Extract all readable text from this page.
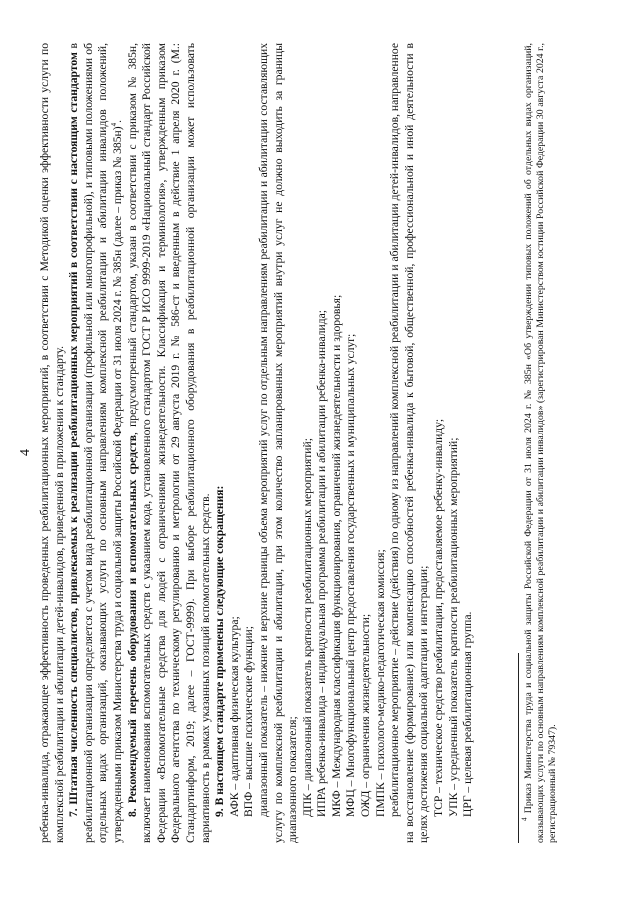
4 ребенка-инвалида, отражающее эффективность проведенных реабилитационных мероприятий, в соответствии с Методикой оценки эффективности услуги по комплексной реабилитации и абилитации детей-инвалидов, приведенной в приложении к стандарту. 7. Штатная численность специалистов, привлекаемых к реализации реабилитационных мероприятий в соответствии с настоящим стандартом в реабилитационной организации определяется с учетом вида реабилитационной организации (профильной или многопрофильной), и типовыми положениями об отдельных видах организаций, оказывающих услуги по основным направлениям комплексной реабилитации и абилитации инвалидов положений, утвержденными приказом Министерства труда и социальной защиты Российской Федерации от 31 июля 2024 г. № 385н (далее – приказ № 385н)$^4$.

8. Рекомендуемый перечень оборудования и вспомогательных средств, предусмотренный стандартом, указан в соответствии с приказом № 385н, включает наименования вспомогательных средств с указанием кода, установленного стандартом ГОСТ Р ИСО 9999-2019 «Национальный стандарт Российской Федерации «Вспомогательные средства для людей с ограничениями жизнедеятельности. Классификация и терминология», утвержденным приказом Федерального агентства по техническому регулированию и метрологии от 29 августа 2019 г. № 586-ст и введенным в действие 1 апреля 2020 г. (М.: Стандартинформ, 2019; далее – ГОСТ-9999). При выборе реабилитационного оборудования в реабилитационной организации может использовать вариативность в рамках указанных позиций вспомогательных средств. 9. В настоящем стандарте применены следующие сокращения:

АФК – адаптивная физическая культура; ВПФ – высшие психические функции; диапазонный показатель – нижние и верхние границы объема мероприятий услуг по отдельным направлениям реабилитации и абилитации составляющих услугу по комплексной реабилитации и абилитации, при этом количество запланированных мероприятий внутри услуг не должно выходить за границы диапазонного показателя; ДПК – диапазонный показатель кратности реабилитационных мероприятий; ИПРА ребенка-инвалида – индивидуальная программа реабилитации и абилитации ребенка-инвалида; МКФ – Международная классификация функционирования, ограничений жизнедеятельности и здоровья; МФЦ – Многофункциональный центр предоставления государственных и муниципальных услуг; ОЖД – ограничения жизнедеятельности; ПМПК – психолого-медико-педагогическая комиссия; реабилитационное мероприятие – действие (действия) по одному из направлений комплексной реабилитации и абилитации детей-инвалидов, направленное на восстановление (формирование) или компенсацию способностей ребенка-инвалида к бытовой, общественной, профессиональной и иной деятельности в целях достижения социальной адаптации и интеграции; ТСР – техническое средство реабилитации, предоставляемое ребенку-инвалиду; УПК – усредненный показатель кратности реабилитационных мероприятий; ЦРГ – целевая реабилитационная группа.

$^4$ Приказ Министерства труда и социальной защиты Российской Федерации от 31 июля 2024 г. № 385н «Об утверждении типовых положений об отдельных видах организаций, оказывающих услуги по основным направлениям комплексной реабилитации и абилитации инвалидов» (зарегистрирован Министерством юстиции Российской Федерации 30 августа 2024 г., регистрационный № 79347).
